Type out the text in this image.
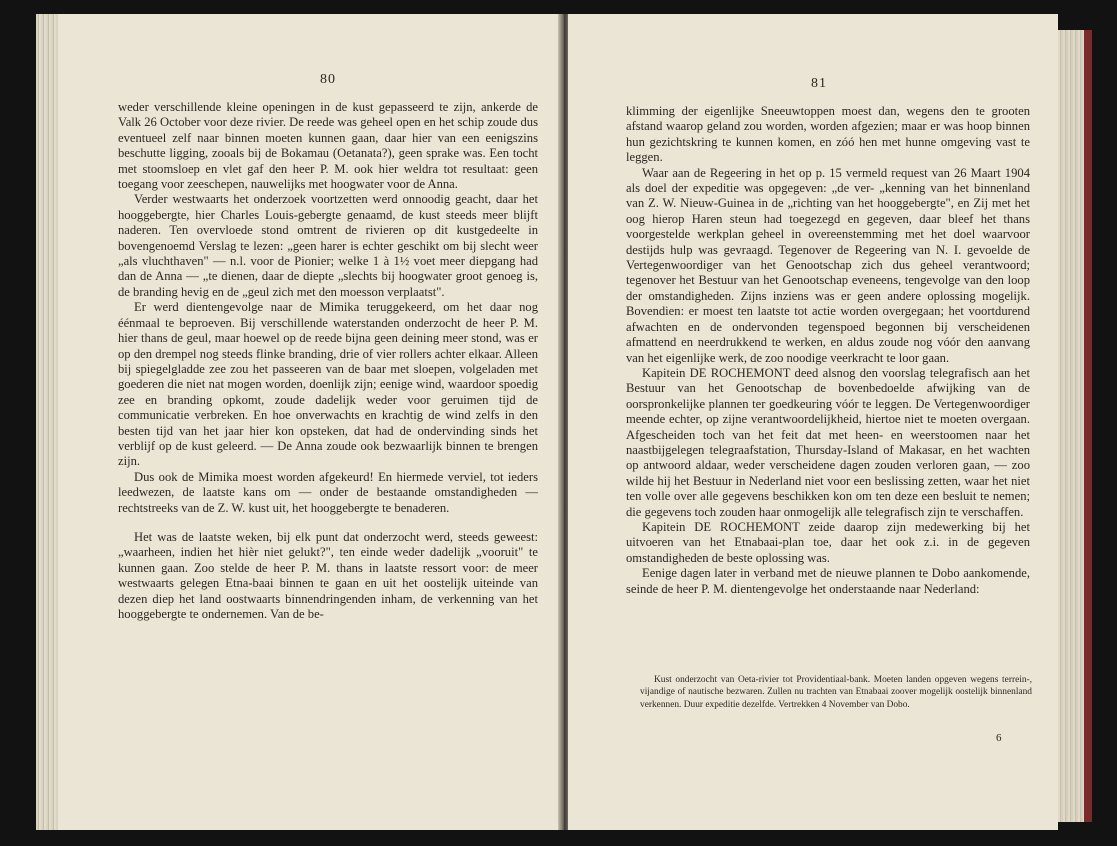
80

weder verschillende kleine openingen in de kust gepasseerd te zijn, ankerde de Valk 26 October voor deze rivier. De reede was geheel open en het schip zoude dus eventueel zelf naar binnen moeten kunnen gaan, daar hier van een eenigszins beschutte ligging, zooals bij de Bokamau (Oetanata?), geen sprake was. Een tocht met stoomsloep en vlet gaf den heer P. M. ook hier weldra tot resultaat: geen toegang voor zeeschepen, nauwelijks met hoogwater voor de Anna.

Verder westwaarts het onderzoek voortzetten werd onnoodig geacht, daar het hooggebergte, hier Charles Louis-gebergte genaamd, de kust steeds meer blijft naderen. Ten overvloede stond omtrent de rivieren op dit kustgedeelte in bovengenoemd Verslag te lezen: „geen harer is echter geschikt om bij slecht weer „als vluchthaven" — n.l. voor de Pionier; welke 1 à 1½ voet meer diepgang had dan de Anna — „te dienen, daar de diepte „slechts bij hoogwater groot genoeg is, de branding hevig en de „geul zich met den moesson verplaatst".

Er werd dientengevolge naar de Mimika teruggekeerd, om het daar nog éénmaal te beproeven. Bij verschillende waterstanden onderzocht de heer P. M. hier thans de geul, maar hoewel op de reede bijna geen deining meer stond, was er op den drempel nog steeds flinke branding, drie of vier rollers achter elkaar. Alleen bij spiegelgladde zee zou het passeeren van de baar met sloepen, volgeladen met goederen die niet nat mogen worden, doenlijk zijn; eenige wind, waardoor spoedig zee en branding opkomt, zoude dadelijk weder voor geruimen tijd de communicatie verbreken. En hoe onverwachts en krachtig de wind zelfs in den besten tijd van het jaar hier kon opsteken, dat had de ondervinding sinds het verblijf op de kust geleerd. — De Anna zoude ook bezwaarlijk binnen te brengen zijn.

Dus ook de Mimika moest worden afgekeurd! En hiermede verviel, tot ieders leedwezen, de laatste kans om — onder de bestaande omstandigheden — rechtstreeks van de Z. W. kust uit, het hooggebergte te benaderen.

Het was de laatste weken, bij elk punt dat onderzocht werd, steeds geweest: „waarheen, indien het hièr niet gelukt?", ten einde weder dadelijk „vooruit" te kunnen gaan. Zoo stelde de heer P. M. thans in laatste ressort voor: de meer westwaarts gelegen Etna-baai binnen te gaan en uit het oostelijk uiteinde van dezen diep het land oostwaarts binnendringenden inham, de verkenning van het hooggebergte te ondernemen. Van de be-

81

klimming der eigenlijke Sneeuwtoppen moest dan, wegens den te grooten afstand waarop geland zou worden, worden afgezien; maar er was hoop binnen hun gezichtskring te kunnen komen, en zóó hen met hunne omgeving vast te leggen.

Waar aan de Regeering in het op p. 15 vermeld request van 26 Maart 1904 als doel der expeditie was opgegeven: „de ver- „kenning van het binnenland van Z. W. Nieuw-Guinea in de „richting van het hooggebergte", en Zij met het oog hierop Haren steun had toegezegd en gegeven, daar bleef het thans voorgestelde werkplan geheel in overeenstemming met het doel waarvoor destijds hulp was gevraagd. Tegenover de Regeering van N. I. gevoelde de Vertegenwoordiger van het Genootschap zich dus geheel verantwoord; tegenover het Bestuur van het Genootschap eveneens, tengevolge van den loop der omstandigheden. Zijns inziens was er geen andere oplossing mogelijk. Bovendien: er moest ten laatste tot actie worden overgegaan; het voortdurend afwachten en de ondervonden tegenspoed begonnen bij verscheidenen afmattend en neerdrukkend te werken, en aldus zoude nog vóór den aanvang van het eigenlijke werk, de zoo noodige veerkracht te loor gaan.

Kapitein DE ROCHEMONT deed alsnog den voorslag telegrafisch aan het Bestuur van het Genootschap de bovenbedoelde afwijking van de oorspronkelijke plannen ter goedkeuring vóór te leggen. De Vertegenwoordiger meende echter, op zijne verantwoordelijkheid, hiertoe niet te moeten overgaan. Afgescheiden toch van het feit dat met heen- en weerstoomen naar het naastbijgelegen telegraafstation, Thursday-Island of Makasar, en het wachten op antwoord aldaar, weder verscheidene dagen zouden verloren gaan, — zoo wilde hij het Bestuur in Nederland niet voor een beslissing zetten, waar het niet ten volle over alle gegevens beschikken kon om ten deze een besluit te nemen; die gegevens toch zouden haar onmogelijk alle telegrafisch zijn te verschaffen.

Kapitein DE ROCHEMONT zeide daarop zijn medewerking bij het uitvoeren van het Etnabaai-plan toe, daar het ook z.i. in de gegeven omstandigheden de beste oplossing was.

Eenige dagen later in verband met de nieuwe plannen te Dobo aankomende, seinde de heer P. M. dientengevolge het onderstaande naar Nederland:

Kust onderzocht van Oeta-rivier tot Providentiaal-bank. Moeten landen opgeven wegens terrein-, vijandige of nautische bezwaren. Zullen nu trachten van Etnabaai zoover mogelijk oostelijk binnenland verkennen. Duur expeditie dezelfde. Vertrekken 4 November van Dobo.

6
